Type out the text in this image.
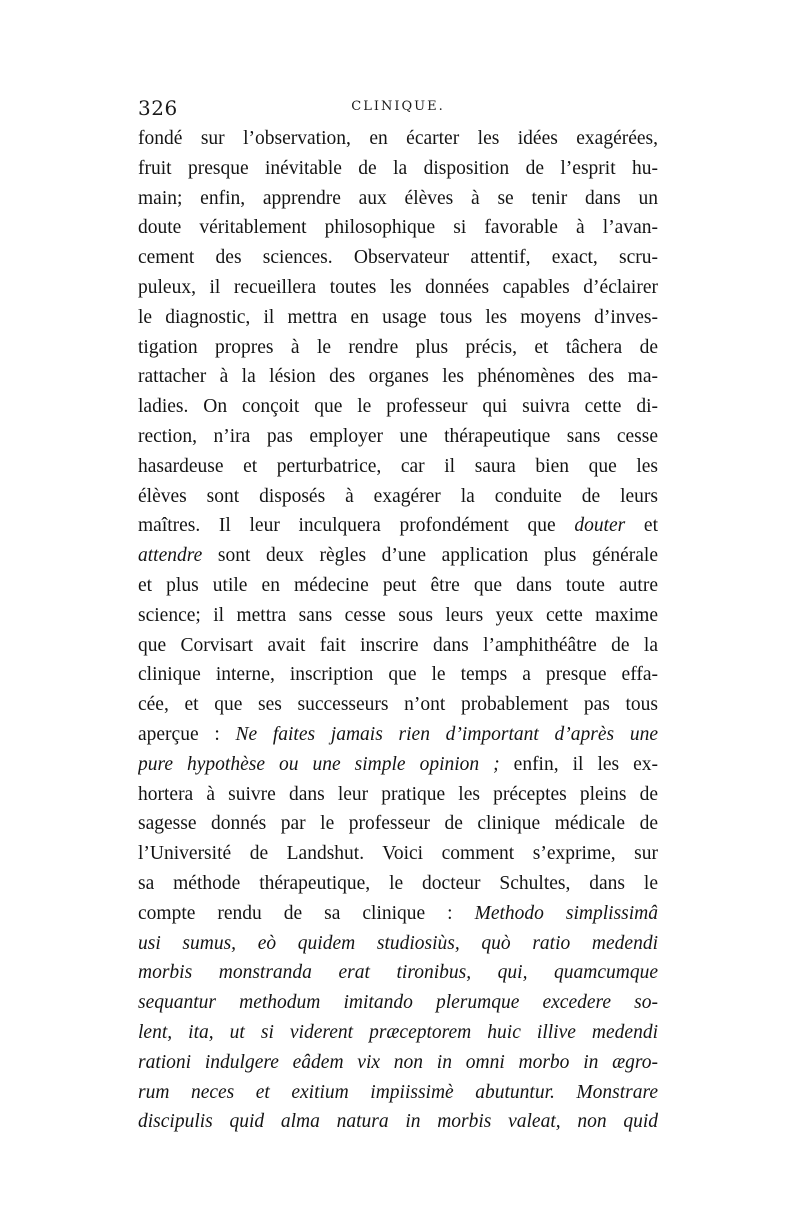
326	CLINIQUE.
fondé sur l’observation, en écarter les idées exagérées,
fruit presque inévitable de la disposition de l’esprit hu-
main; enfin, apprendre aux élèves à se tenir dans un
doute véritablement philosophique si favorable à l’avan-
cement des sciences. Observateur attentif, exact, scru-
puleux, il recueillera toutes les données capables d’éclairer
le diagnostic, il mettra en usage tous les moyens d’inves-
tigation propres à le rendre plus précis, et tâchera de
rattacher à la lésion des organes les phénomènes des ma-
ladies. On conçoit que le professeur qui suivra cette di-
rection, n’ira pas employer une thérapeutique sans cesse
hasardeuse et perturbatrice, car il saura bien que les
élèves sont disposés à exagérer la conduite de leurs
maîtres. Il leur inculquera profondément que douter et
attendre sont deux règles d’une application plus générale
et plus utile en médecine peut être que dans toute autre
science; il mettra sans cesse sous leurs yeux cette maxime
que Corvisart avait fait inscrire dans l’amphithéâtre de la
clinique interne, inscription que le temps a presque effa-
cée, et que ses successeurs n’ont probablement pas tous
aperçue : Ne faites jamais rien d’important d’après une
pure hypothèse ou une simple opinion ; enfin, il les ex-
hortera à suivre dans leur pratique les préceptes pleins de
sagesse donnés par le professeur de clinique médicale de
l’Université de Landshut. Voici comment s’exprime, sur
sa méthode thérapeutique, le docteur Schultes, dans le
compte rendu de sa clinique : Methodo simplissimâ
usi sumus, eò quidem studiosiùs, quò ratio medendi
morbis monstranda erat tironibus, qui, quamcumque
sequantur methodum imitando plerumque excedere so-
lent, ita, ut si viderent præceptorem huic illive medendi
rationi indulgere eâdem vix non in omni morbo in ægro-
rum neces et exitium impiissimè abutuntur. Monstrare
discipulis quid alma natura in morbis valeat, non quid
